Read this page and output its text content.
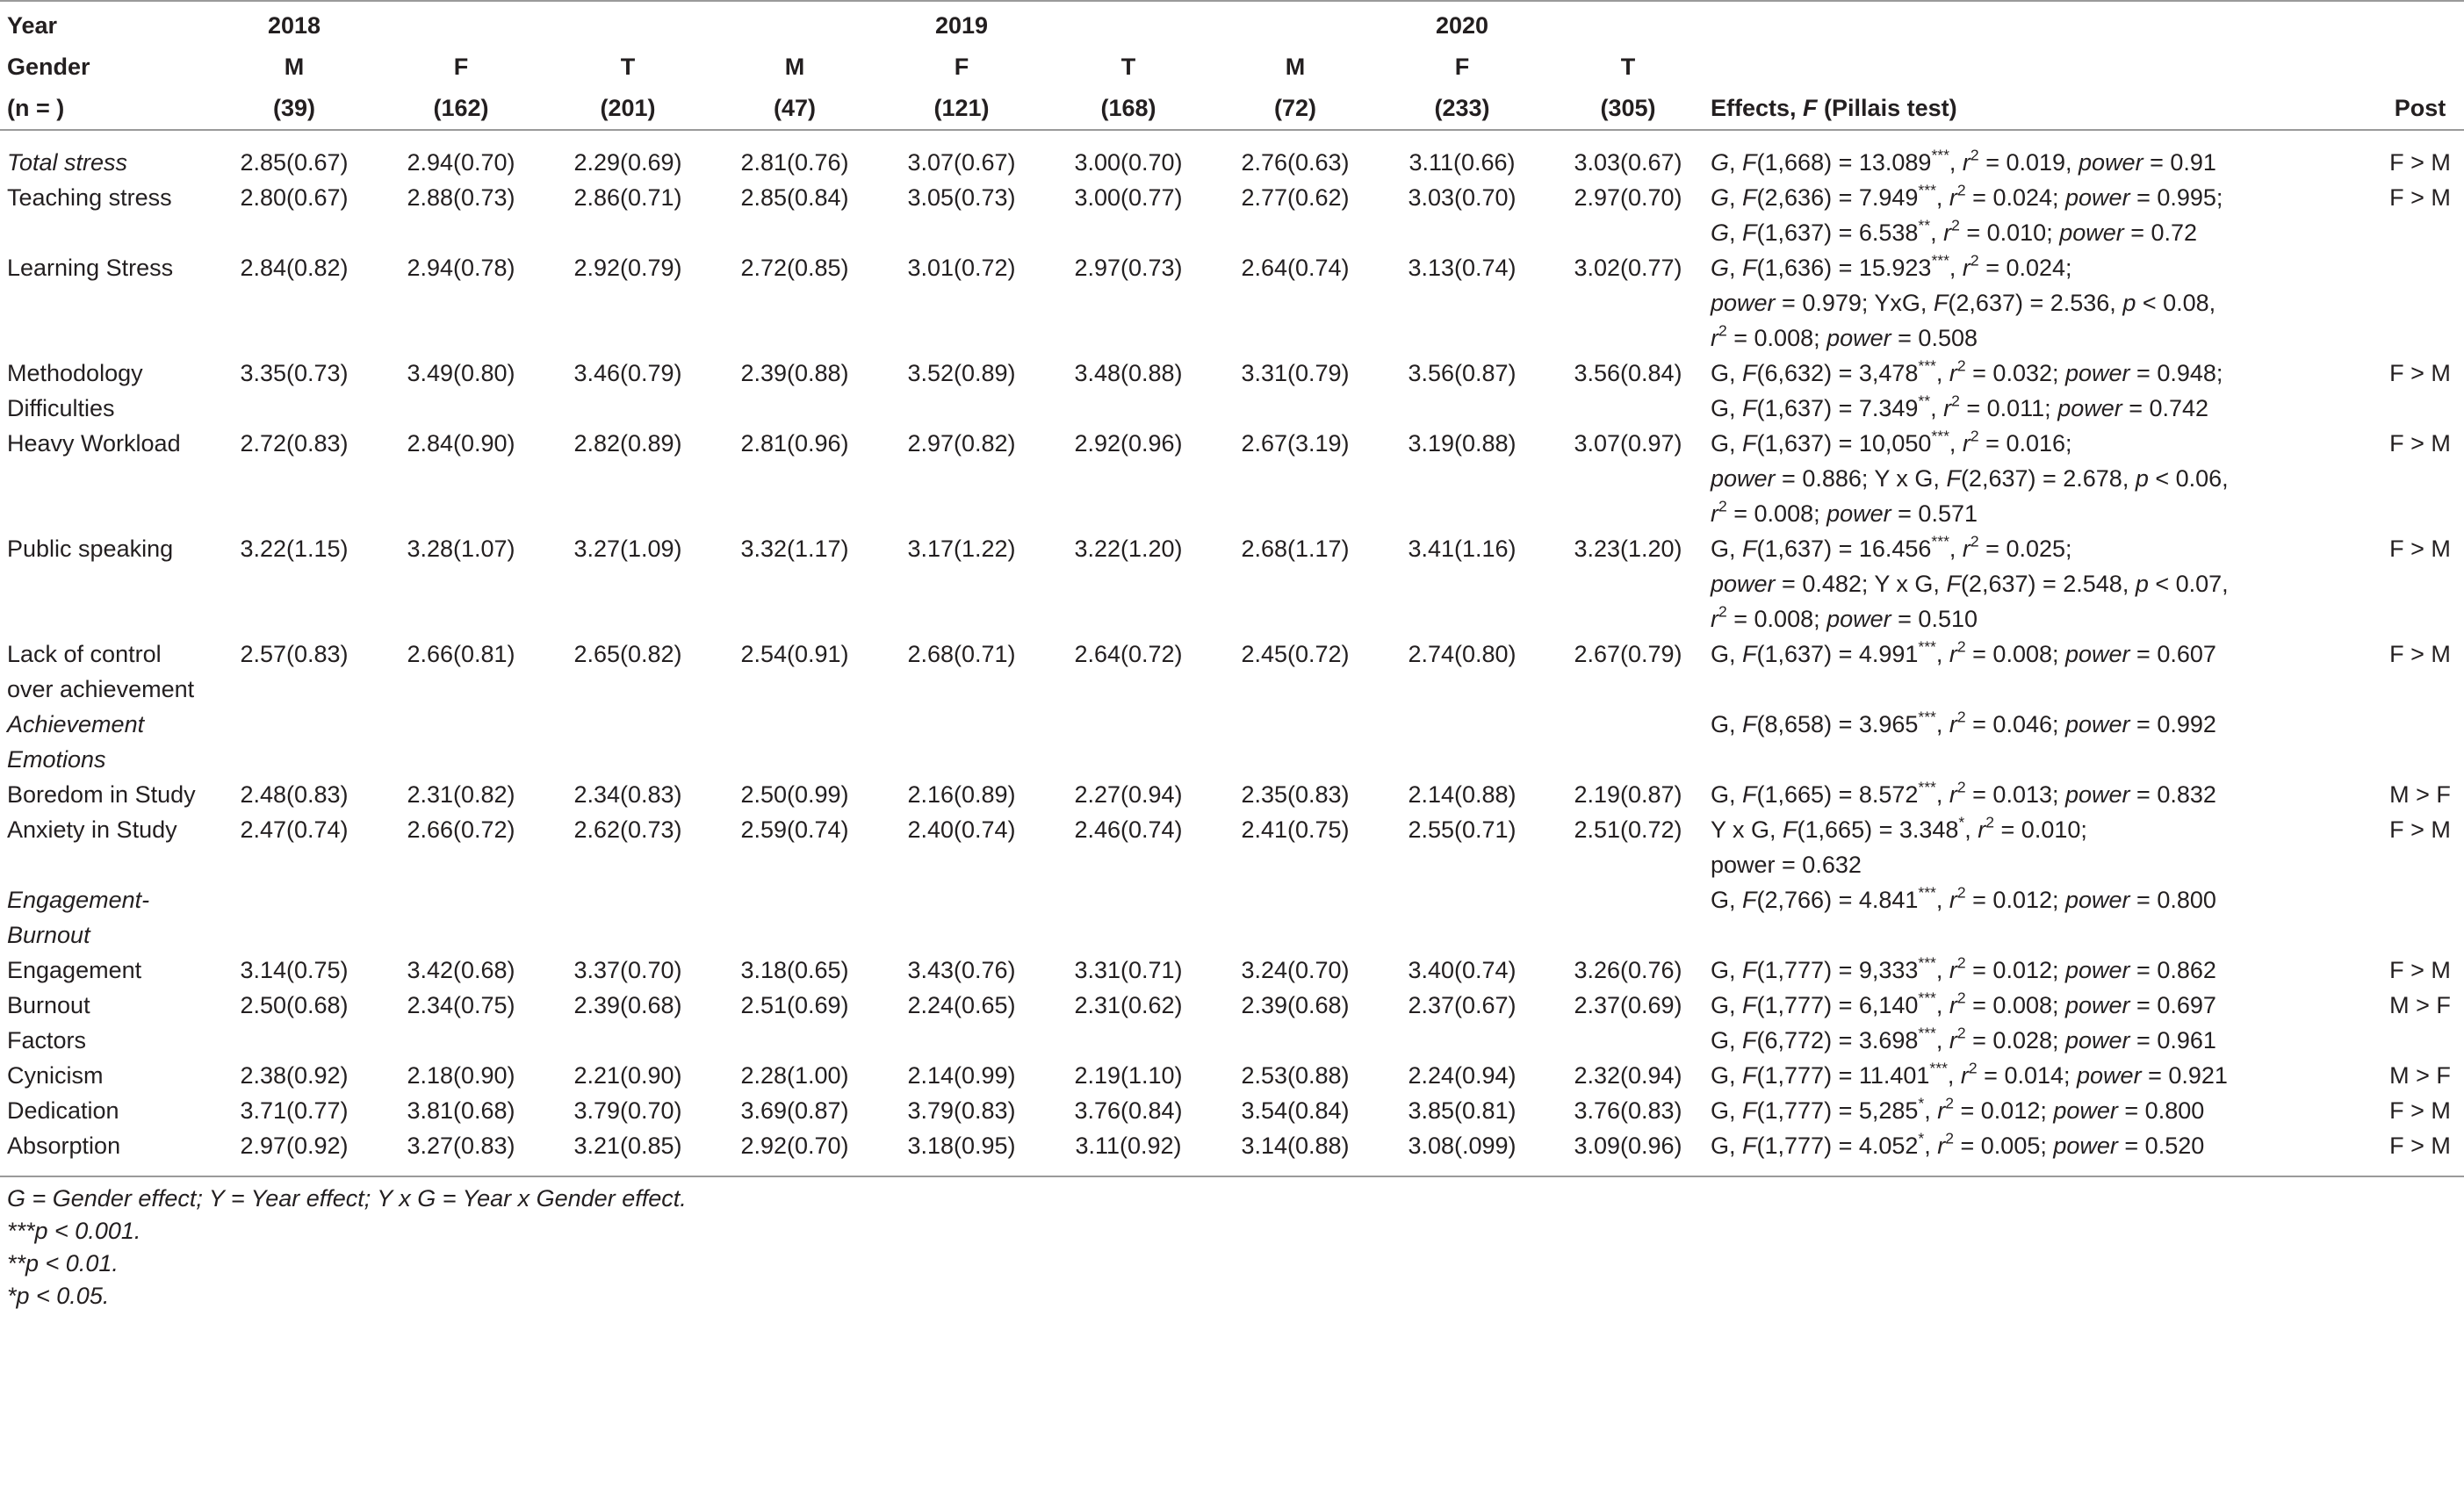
Year	2018				2019			2020			
Gender	M	F	T	M	F	T	M	F	T		
(n = )	(39)	(162)	(201)	(47)	(121)	(168)	(72)	(233)	(305)	Effects, F (Pillais test)	Post
Total stress	2.85(0.67)	2.94(0.70)	2.29(0.69)	2.81(0.76)	3.07(0.67)	3.00(0.70)	2.76(0.63)	3.11(0.66)	3.03(0.67)	G, F(1,668) = 13.089***, $r^2 = 0.019$, power = 0.91	F > M
Teaching stress	2.80(0.67)	2.88(0.73)	2.86(0.71)	2.85(0.84)	3.05(0.73)	3.00(0.77)	2.77(0.62)	3.03(0.70)	2.97(0.70)	G, F(2,636) = 7.949***, $r^2 = 0.024$; power = 0.995;
G, F(1,637) = 6.538**, $r^2 = 0.010$; power = 0.72	F > M
Learning Stress	2.84(0.82)	2.94(0.78)	2.92(0.79)	2.72(0.85)	3.01(0.72)	2.97(0.73)	2.64(0.74)	3.13(0.74)	3.02(0.77)	G, F(1,636) = 15.923***, $r^2 = 0.024$;
power = 0.979; YxG, F(2,637) = 2.536, p < 0.08,
$r^2 = 0.008$; power = 0.508	
Methodology Difficulties	3.35(0.73)	3.49(0.80)	3.46(0.79)	2.39(0.88)	3.52(0.89)	3.48(0.88)	3.31(0.79)	3.56(0.87)	3.56(0.84)	G, F(6,632) = 3,478***, $r^2 = 0.032$; power = 0.948;
G, F(1,637) = 7.349**, $r^2 = 0.011$; power = 0.742	F > M
Heavy Workload	2.72(0.83)	2.84(0.90)	2.82(0.89)	2.81(0.96)	2.97(0.82)	2.92(0.96)	2.67(3.19)	3.19(0.88)	3.07(0.97)	G, F(1,637) = 10,050***, $r^2 = 0.016$;
power = 0.886; Y x G, F(2,637) = 2.678, p < 0.06,
$r^2 = 0.008$; power = 0.571	F > M
Public speaking	3.22(1.15)	3.28(1.07)	3.27(1.09)	3.32(1.17)	3.17(1.22)	3.22(1.20)	2.68(1.17)	3.41(1.16)	3.23(1.20)	G, F(1,637) = 16.456***, $r^2 = 0.025$;
power = 0.482; Y x G, F(2,637) = 2.548, p < 0.07,
$r^2 = 0.008$; power = 0.510	F > M
Lack of control over achievement	2.57(0.83)	2.66(0.81)	2.65(0.82)	2.54(0.91)	2.68(0.71)	2.64(0.72)	2.45(0.72)	2.74(0.80)	2.67(0.79)	G, F(1,637) = 4.991***, $r^2 = 0.008$; power = 0.607	F > M
Achievement Emotions										G, F(8,658) = 3.965***, $r^2 = 0.046$; power = 0.992	
Boredom in Study	2.48(0.83)	2.31(0.82)	2.34(0.83)	2.50(0.99)	2.16(0.89)	2.27(0.94)	2.35(0.83)	2.14(0.88)	2.19(0.87)	G, F(1,665) = 8.572***, $r^2 = 0.013$; power = 0.832	M > F
Anxiety in Study	2.47(0.74)	2.66(0.72)	2.62(0.73)	2.59(0.74)	2.40(0.74)	2.46(0.74)	2.41(0.75)	2.55(0.71)	2.51(0.72)	Y x G, F(1,665) = 3.348*, $r^2 = 0.010$;
power = 0.632	F > M
Engagement-Burnout										G, F(2,766) = 4.841***, $r^2 = 0.012$; power = 0.800	
Engagement	3.14(0.75)	3.42(0.68)	3.37(0.70)	3.18(0.65)	3.43(0.76)	3.31(0.71)	3.24(0.70)	3.40(0.74)	3.26(0.76)	G, F(1,777) = 9,333***, $r^2 = 0.012$; power = 0.862	F > M
Burnout	2.50(0.68)	2.34(0.75)	2.39(0.68)	2.51(0.69)	2.24(0.65)	2.31(0.62)	2.39(0.68)	2.37(0.67)	2.37(0.69)	G, F(1,777) = 6,140***, $r^2 = 0.008$; power = 0.697	M > F
Factors										G, F(6,772) = 3.698***, $r^2 = 0.028$; power = 0.961	
Cynicism	2.38(0.92)	2.18(0.90)	2.21(0.90)	2.28(1.00)	2.14(0.99)	2.19(1.10)	2.53(0.88)	2.24(0.94)	2.32(0.94)	G, F(1,777) = 11.401***, $r^2 = 0.014$; power = 0.921	M > F
Dedication	3.71(0.77)	3.81(0.68)	3.79(0.70)	3.69(0.87)	3.79(0.83)	3.76(0.84)	3.54(0.84)	3.85(0.81)	3.76(0.83)	G, F(1,777) = 5,285*, $r^2 = 0.012$; power = 0.800	F > M
Absorption	2.97(0.92)	3.27(0.83)	3.21(0.85)	2.92(0.70)	3.18(0.95)	3.11(0.92)	3.14(0.88)	3.08(.099)	3.09(0.96)	G, F(1,777) = 4.052*, $r^2 = 0.005$; power = 0.520	F > M
G = Gender effect; Y = Year effect; Y x G = Year x Gender effect.
***p < 0.001.
**p < 0.01.
*p < 0.05.
